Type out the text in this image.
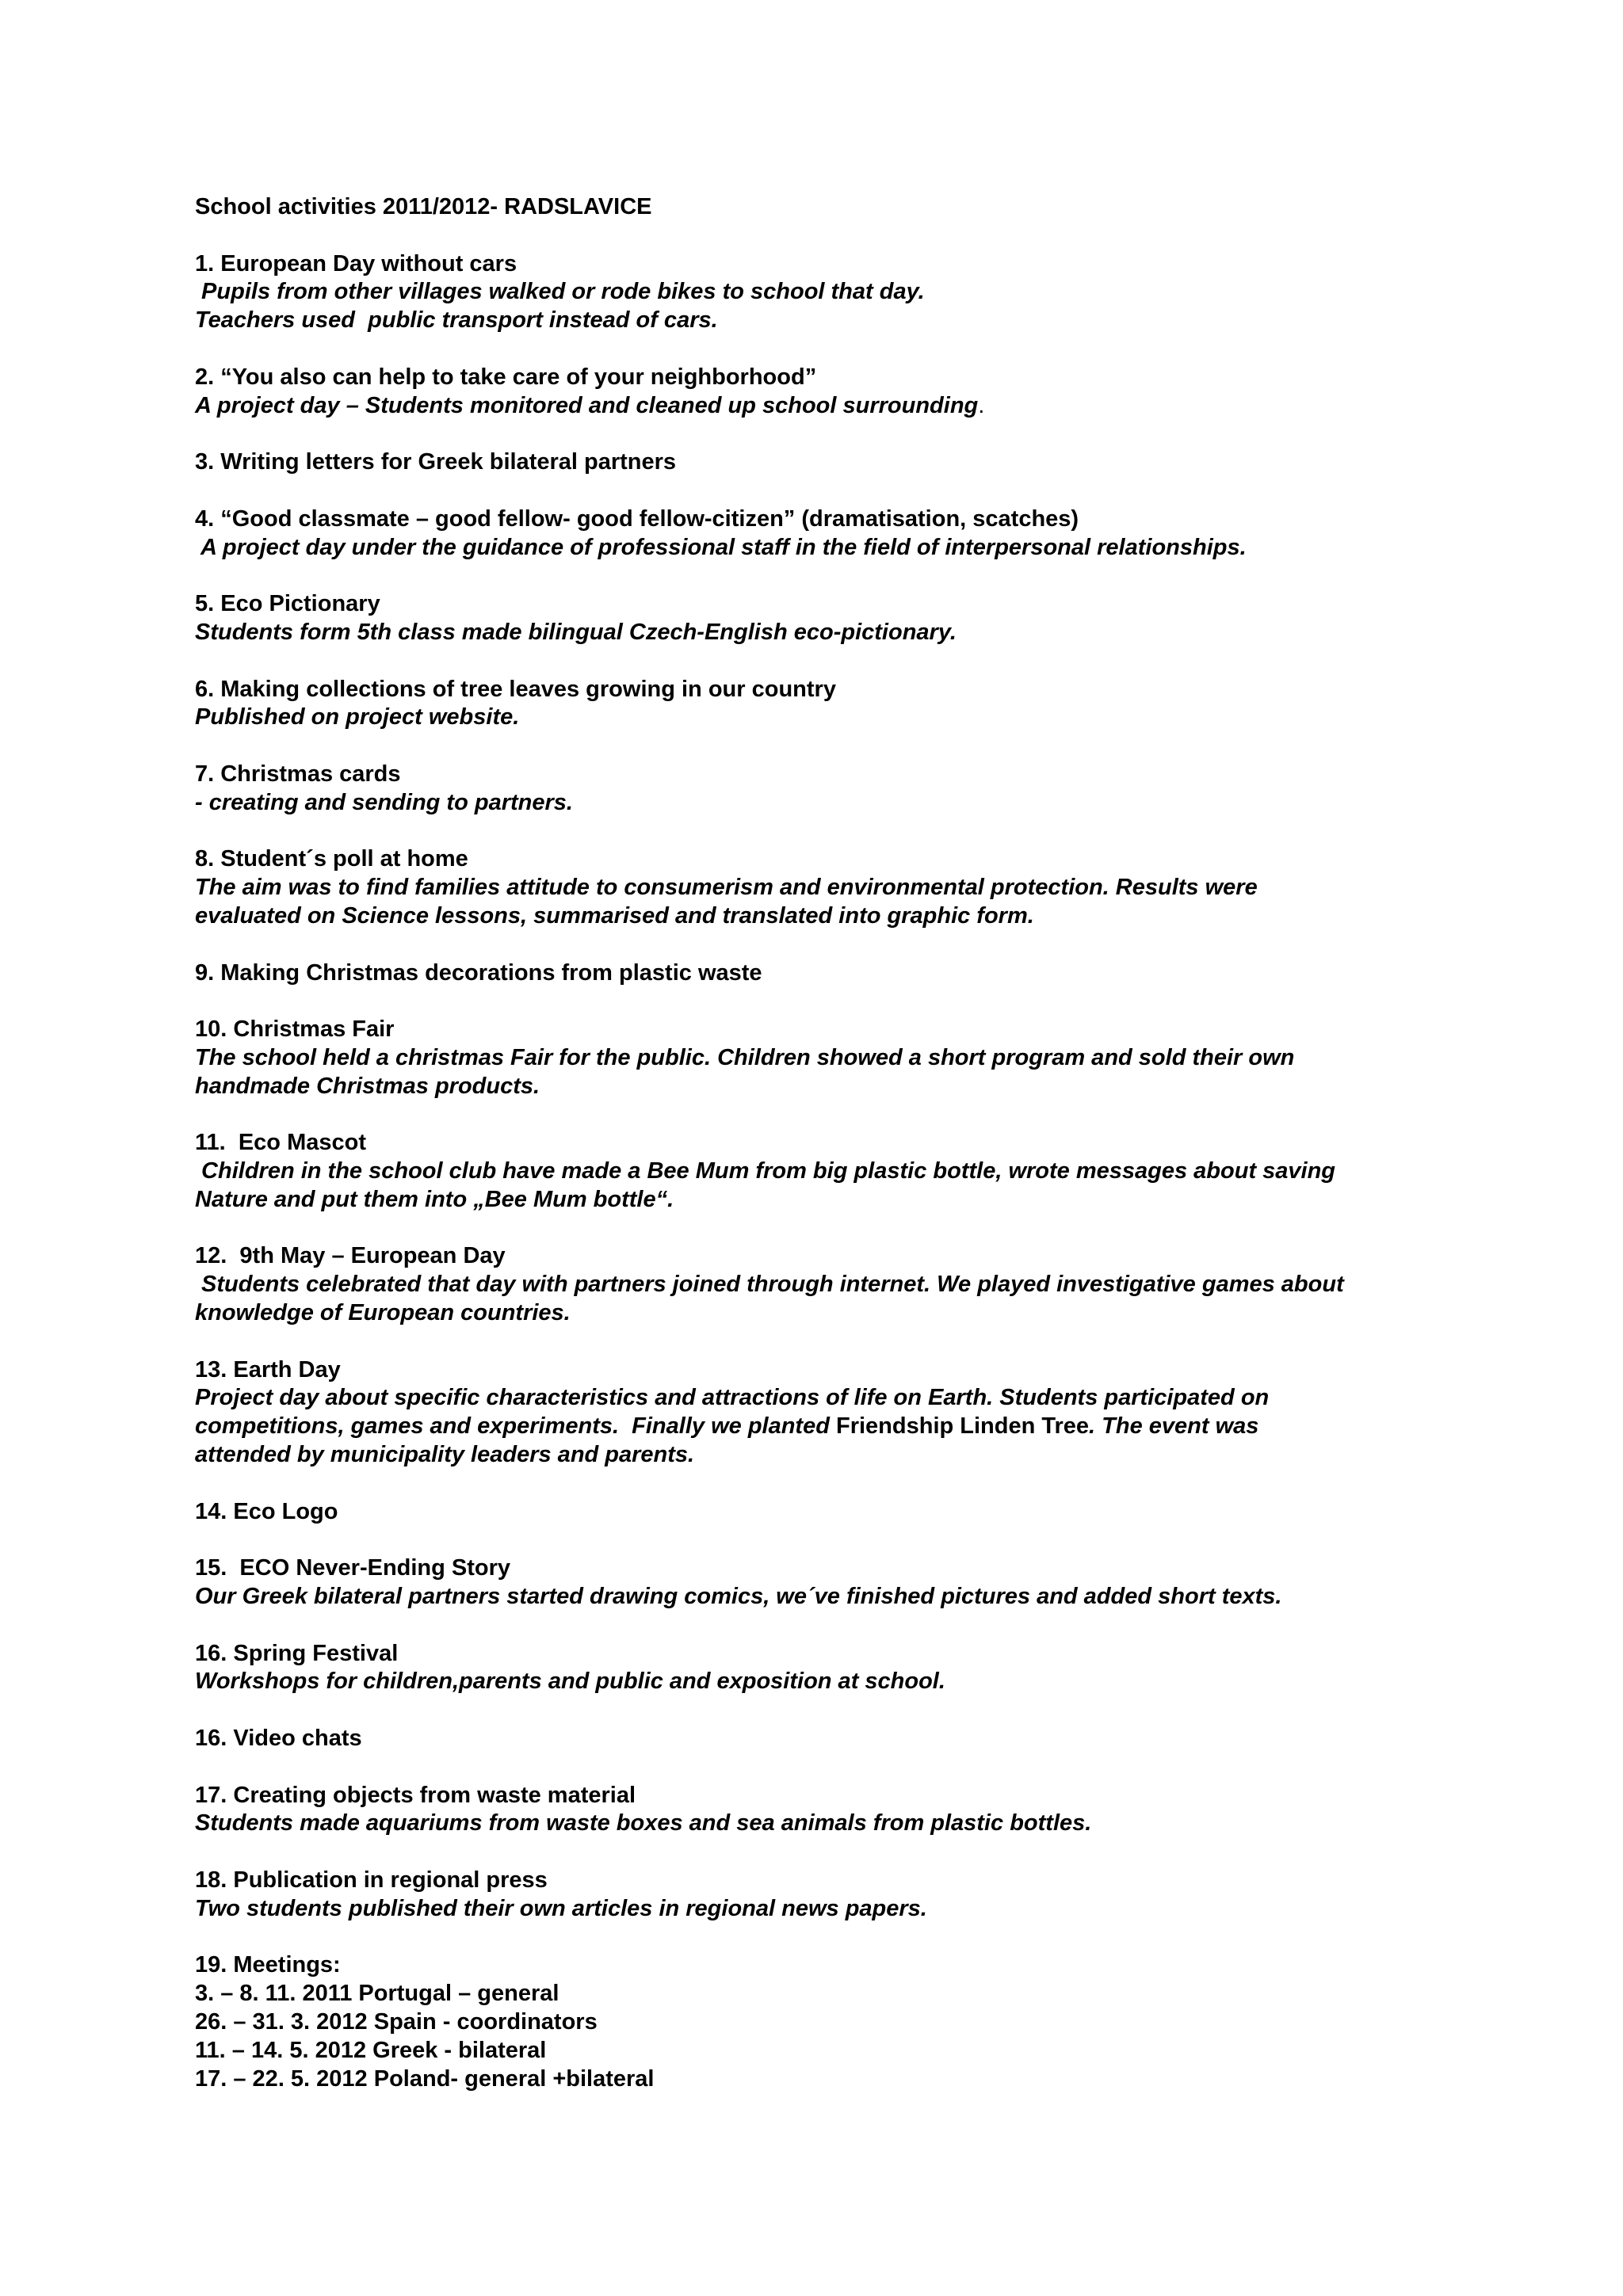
School activities 2011/2012- RADSLAVICE
1. European Day without cars
Pupils from other villages walked or rode bikes to school that day.
Teachers used  public transport instead of cars.
2. “You also can help to take care of your neighborhood”
A project day – Students monitored and cleaned up school surrounding.
3. Writing letters for Greek bilateral partners
4. “Good classmate – good fellow- good fellow-citizen” (dramatisation, scatches)
A project day under the guidance of professional staff in the field of interpersonal relationships.
5. Eco Pictionary
Students form 5th class made bilingual Czech-English eco-pictionary.
6. Making collections of tree leaves growing in our country
Published on project website.
7. Christmas cards
- creating and sending to partners.
8. Student´s poll at home
The aim was to find families attitude to consumerism and environmental protection. Results were
evaluated on Science lessons, summarised and translated into graphic form.
9. Making Christmas decorations from plastic waste
10. Christmas Fair
The school held a christmas Fair for the public. Children showed a short program and sold their own
handmade Christmas products.
11.  Eco Mascot
Children in the school club have made a Bee Mum from big plastic bottle, wrote messages about saving
Nature and put them into „Bee Mum bottle“.
12.  9th May – European Day
Students celebrated that day with partners joined through internet. We played investigative games about
knowledge of European countries.
13. Earth Day
Project day about specific characteristics and attractions of life on Earth. Students participated on
competitions, games and experiments.  Finally we planted Friendship Linden Tree. The event was
attended by municipality leaders and parents.
14. Eco Logo
15.  ECO Never-Ending Story
Our Greek bilateral partners started drawing comics, we´ve finished pictures and added short texts.
16. Spring Festival
Workshops for children,parents and public and exposition at school.
16. Video chats
17. Creating objects from waste material
Students made aquariums from waste boxes and sea animals from plastic bottles.
18. Publication in regional press
Two students published their own articles in regional news papers.
19. Meetings:
3. – 8. 11. 2011 Portugal – general
26. – 31. 3. 2012 Spain - coordinators
11. – 14. 5. 2012 Greek - bilateral
17. – 22. 5. 2012 Poland- general +bilateral
